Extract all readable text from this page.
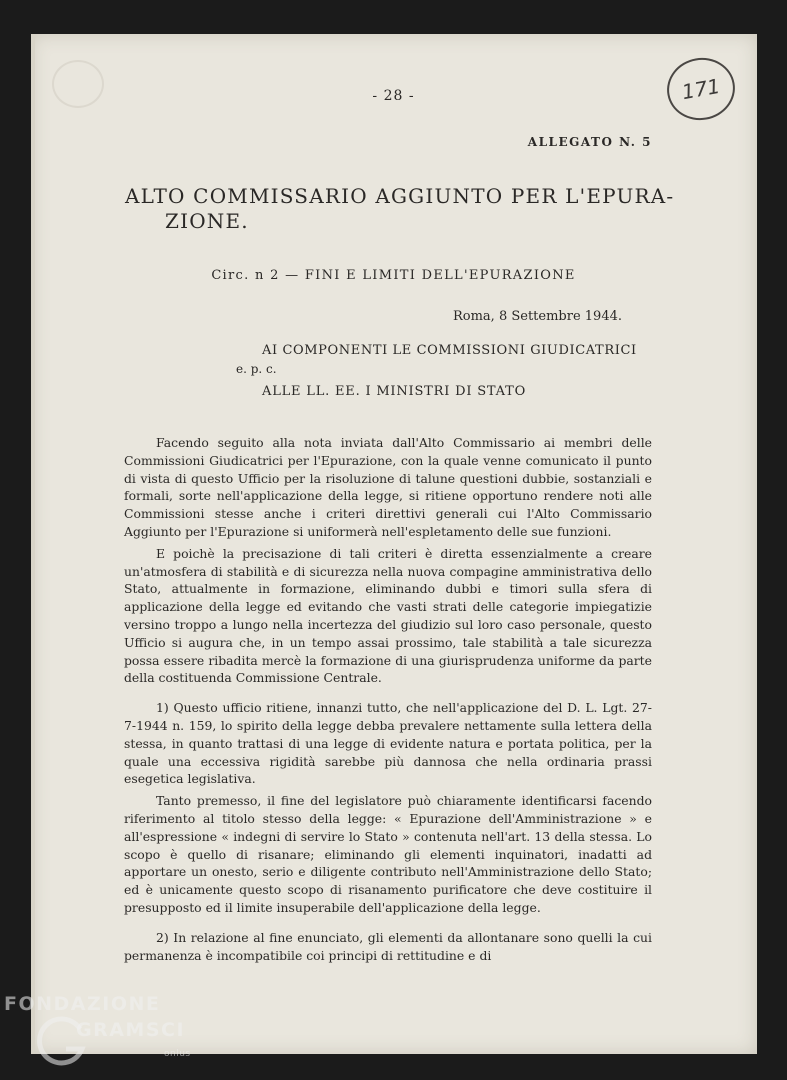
171
- 28 -
ALLEGATO N. 5
ALTO COMMISSARIO AGGIUNTO PER L'EPURA-
ZIONE.
Circ. n 2 — FINI E LIMITI DELL'EPURAZIONE
Roma, 8 Settembre 1944.
AI COMPONENTI LE COMMISSIONI GIUDICATRICI
e. p. c.
ALLE LL. EE. I MINISTRI DI STATO

Facendo seguito alla nota inviata dall'Alto Commissario ai membri delle Commissioni Giudicatrici per l'Epurazione, con la quale venne comunicato il punto di vista di questo Ufficio per la risoluzione di talune questioni dubbie, sostanziali e formali, sorte nell'applicazione della legge, si ritiene opportuno rendere noti alle Commissioni stesse anche i criteri direttivi generali cui l'Alto Commissario Aggiunto per l'Epurazione si uniformerà nell'espletamento delle sue funzioni.

E poichè la precisazione di tali criteri è diretta essenzialmente a creare un'atmosfera di stabilità e di sicurezza nella nuova compagine amministrativa dello Stato, attualmente in formazione, eliminando dubbi e timori sulla sfera di applicazione della legge ed evitando che vasti strati delle categorie impiegatizie versino troppo a lungo nella incertezza del giudizio sul loro caso personale, questo Ufficio si augura che, in un tempo assai prossimo, tale stabilità a tale sicurezza possa essere ribadita mercè la formazione di una giurisprudenza uniforme da parte della costituenda Commissione Centrale.

1) Questo ufficio ritiene, innanzi tutto, che nell'applicazione del D. L. Lgt. 27-7-1944 n. 159, lo spirito della legge debba prevalere nettamente sulla lettera della stessa, in quanto trattasi di una legge di evidente natura e portata politica, per la quale una eccessiva rigidità sarebbe più dannosa che nella ordinaria prassi esegetica legislativa.

Tanto premesso, il fine del legislatore può chiaramente identificarsi facendo riferimento al titolo stesso della legge: « Epurazione dell'Amministrazione » e all'espressione « indegni di servire lo Stato » contenuta nell'art. 13 della stessa. Lo scopo è quello di risanare; eliminando gli elementi inquinatori, inadatti ad apportare un onesto, serio e diligente contributo nell'Amministrazione dello Stato; ed è unicamente questo scopo di risanamento purificatore che deve costituire il presupposto ed il limite insuperabile dell'applicazione della legge.

2) In relazione al fine enunciato, gli elementi da allontanare sono quelli la cui permanenza è incompatibile coi principi di rettitudine e di

FONDAZIONE
GRAMSCI
onlus
